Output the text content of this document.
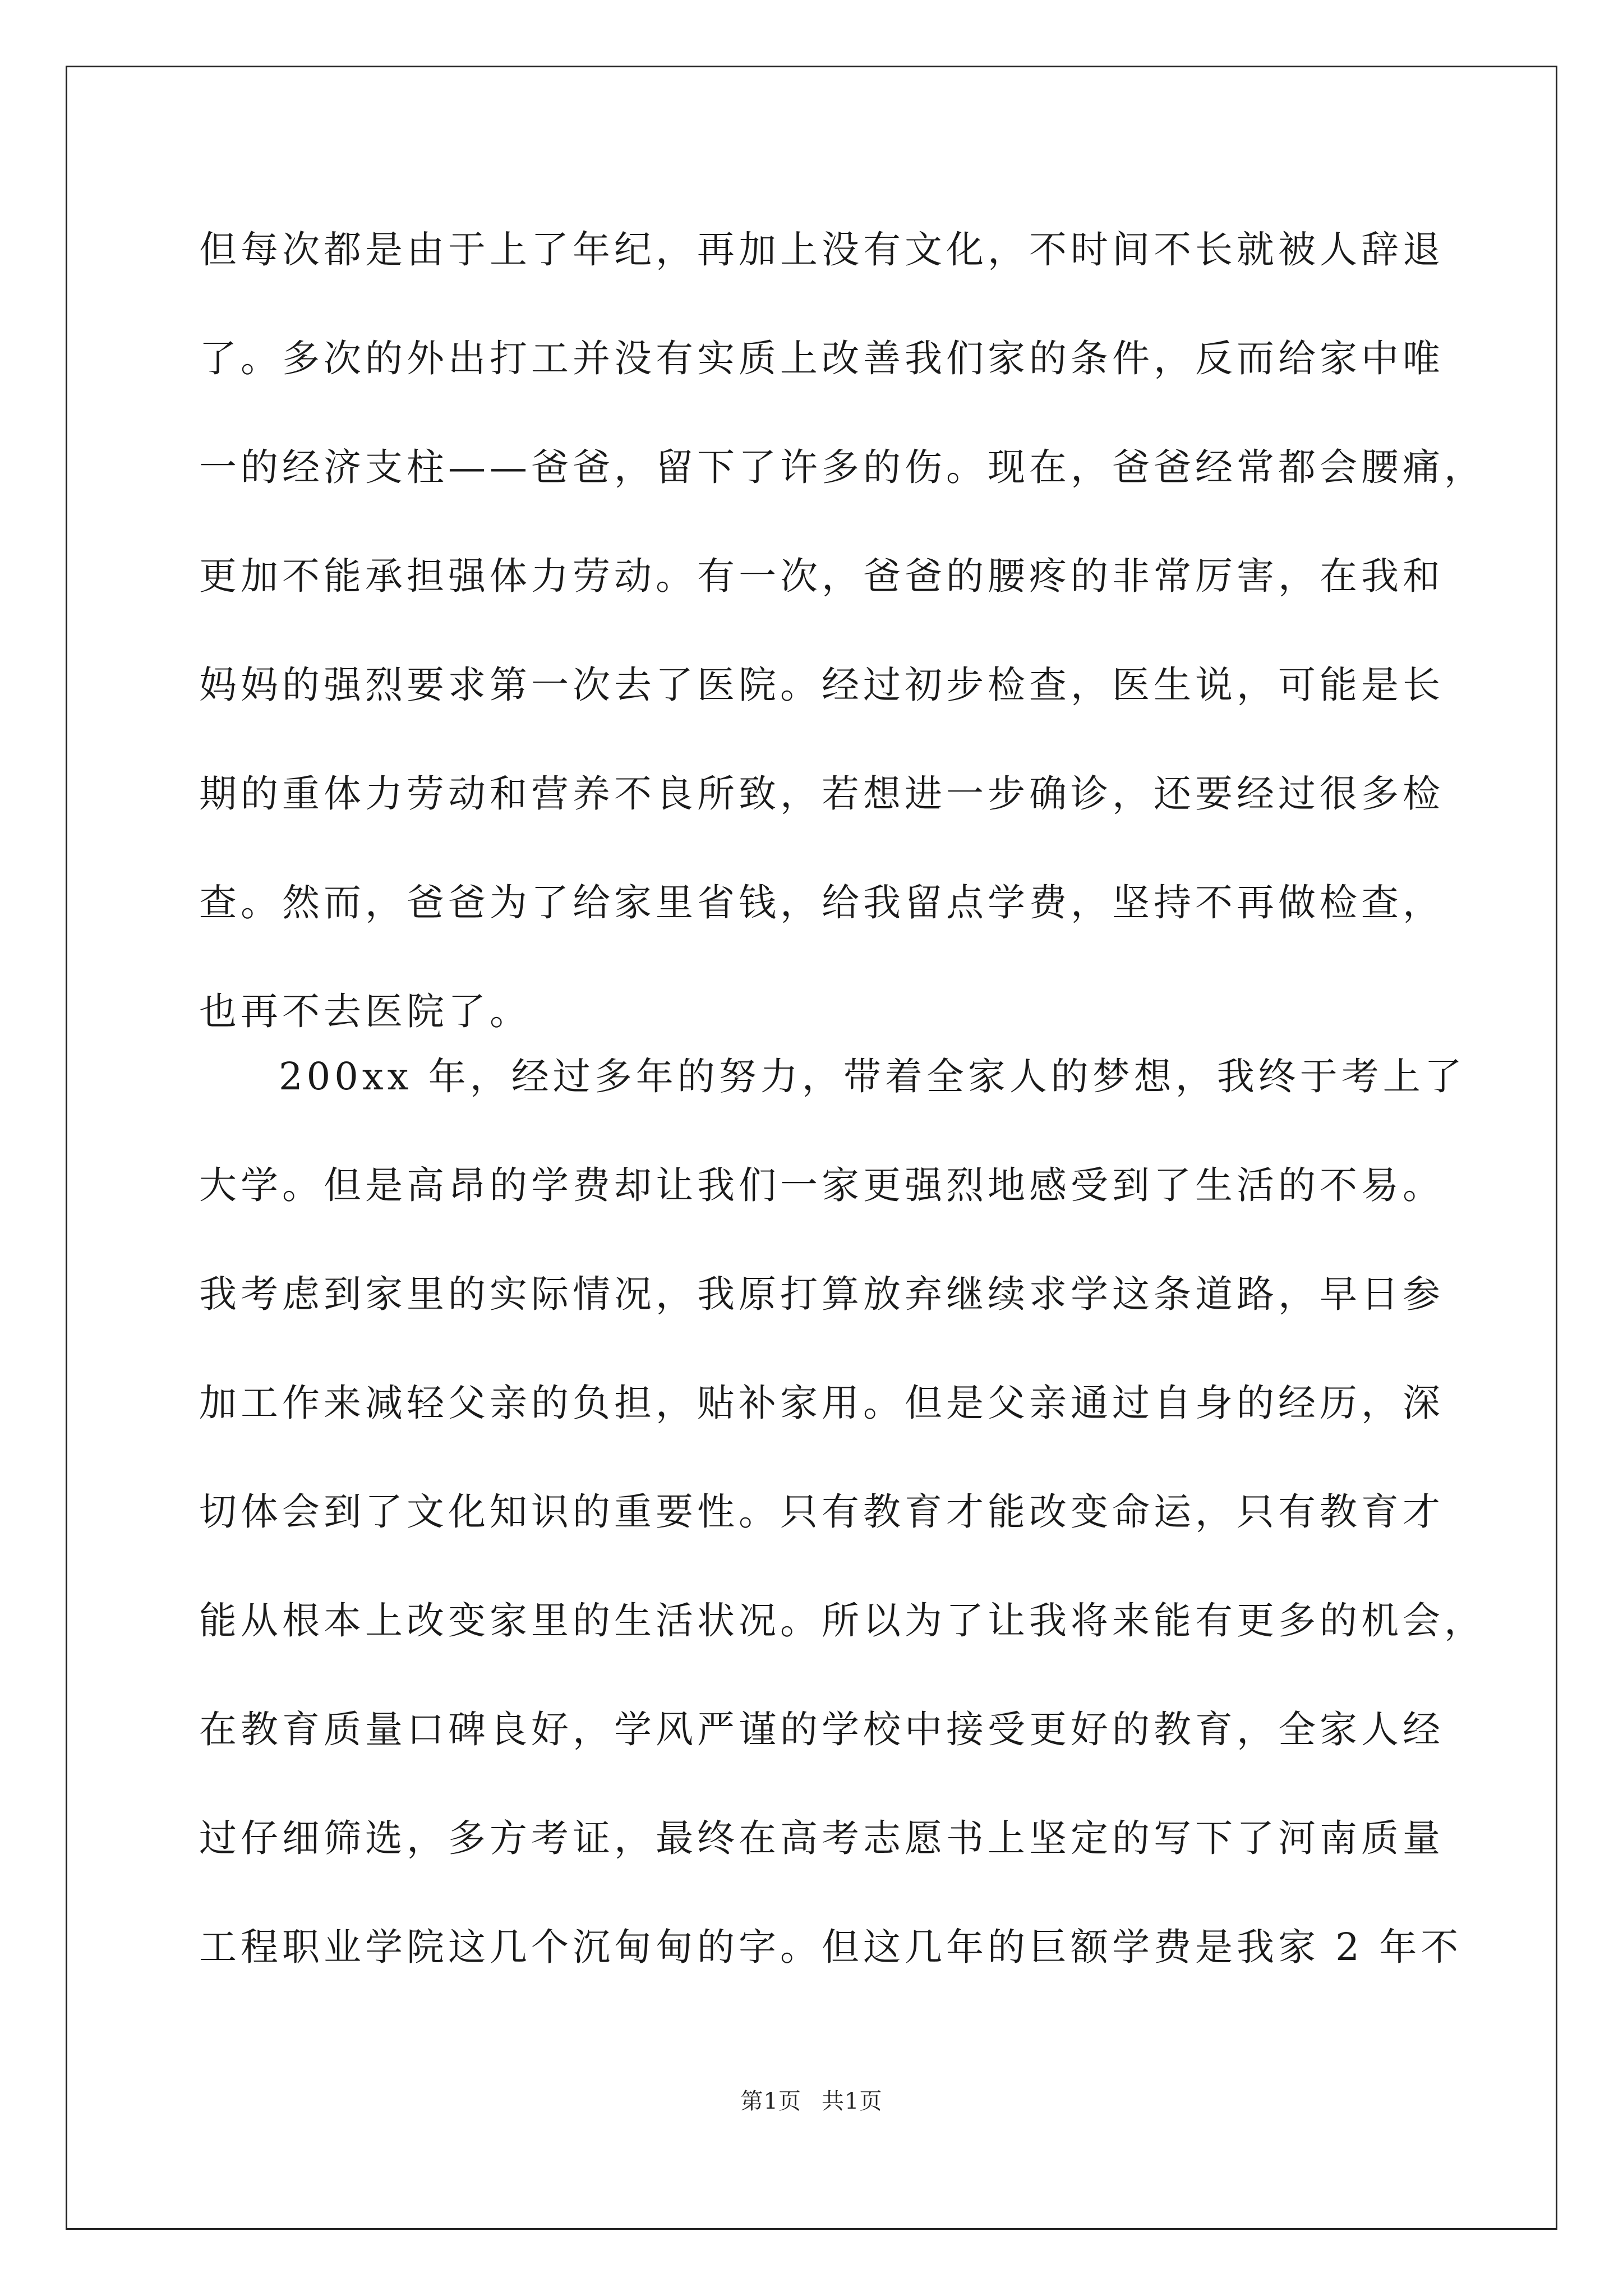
但每次都是由于上了年纪，再加上没有文化，不时间不长就被人辞退
了。多次的外出打工并没有实质上改善我们家的条件，反而给家中唯
一的经济支柱——爸爸，留下了许多的伤。现在，爸爸经常都会腰痛，
更加不能承担强体力劳动。有一次，爸爸的腰疼的非常厉害，在我和
妈妈的强烈要求第一次去了医院。经过初步检查，医生说，可能是长
期的重体力劳动和营养不良所致，若想进一步确诊，还要经过很多检
查。然而，爸爸为了给家里省钱，给我留点学费，坚持不再做检查，
也再不去医院了。
200xx 年，经过多年的努力，带着全家人的梦想，我终于考上了
大学。但是高昂的学费却让我们一家更强烈地感受到了生活的不易。
我考虑到家里的实际情况，我原打算放弃继续求学这条道路，早日参
加工作来减轻父亲的负担，贴补家用。但是父亲通过自身的经历，深
切体会到了文化知识的重要性。只有教育才能改变命运，只有教育才
能从根本上改变家里的生活状况。所以为了让我将来能有更多的机会，
在教育质量口碑良好，学风严谨的学校中接受更好的教育，全家人经
过仔细筛选，多方考证，最终在高考志愿书上坚定的写下了河南质量
工程职业学院这几个沉甸甸的字。但这几年的巨额学费是我家 2 年不
第1页 共1页
